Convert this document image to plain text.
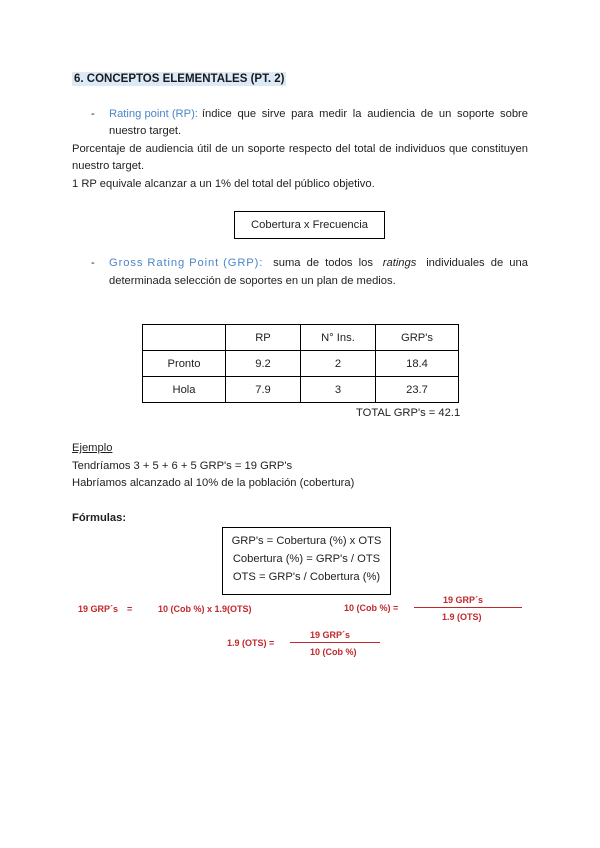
6. CONCEPTOS ELEMENTALES (PT. 2)
- Rating point (RP): índice que sirve para medir la audiencia de un soporte sobre
nuestro target.
Porcentaje de audiencia útil de un soporte respecto del total de individuos que constituyen
nuestro target.
1 RP equivale alcanzar a un 1% del total del público objetivo.
Cobertura x Frecuencia
- Gross Rating Point (GRP): suma de todos los ratings individuales de una
determinada selección de soportes en un plan de medios.
	RP	N° Ins.	GRP's
Pronto	9.2	2	18.4
Hola	7.9	3	23.7
TOTAL GRP's = 42.1
Ejemplo
Tendríamos 3 + 5 + 6 + 5 GRP's = 19 GRP's
Habríamos alcanzado al 10% de la población (cobertura)
Fórmulas:
GRP's = Cobertura (%) x OTS
Cobertura (%) = GRP's / OTS
OTS = GRP's / Cobertura (%)
19 GRP´s =	10 (Cob %) x 1.9(OTS)	10 (Cob %) =
19 GRP´s
1.9 (OTS)
1.9 (OTS) =
19 GRP´s
10 (Cob %)
